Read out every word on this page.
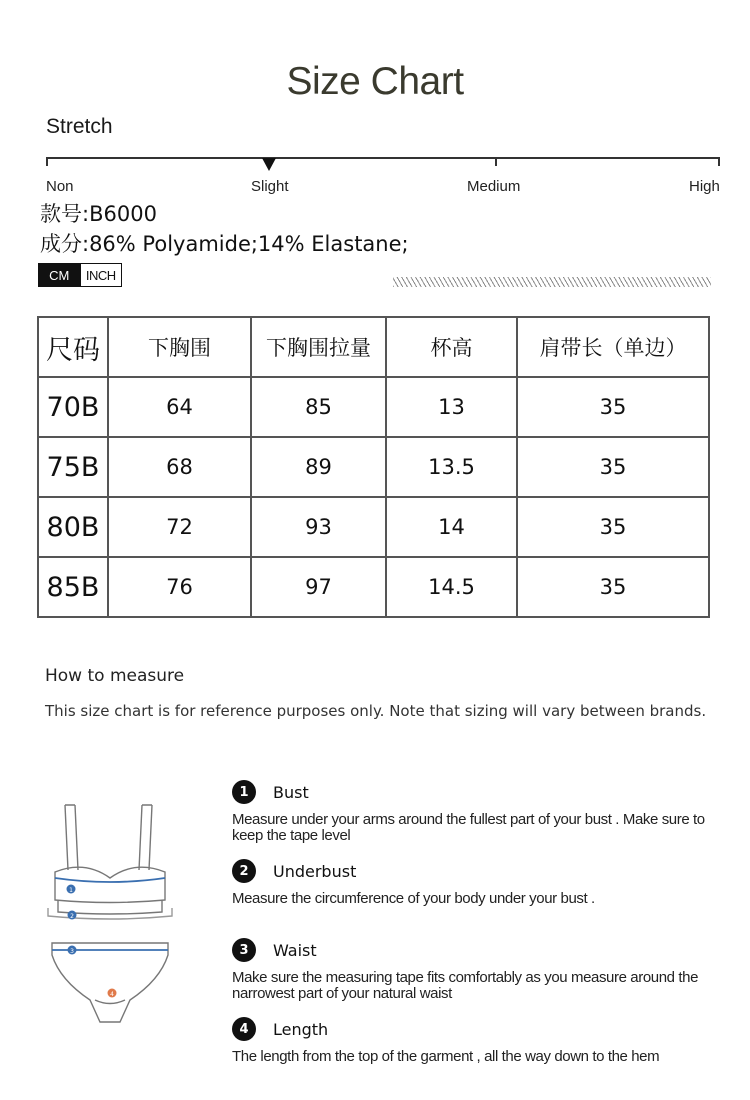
Size Chart
Stretch
Non	Slight	Medium	High
款号:B6000
成分:86% Polyamide;14% Elastane;
CM	INCH
尺码	下胸围	下胸围拉量	杯高	肩带长（单边）
70B	64	85	13	35
75B	68	89	13.5	35
80B	72	93	14	35
85B	76	97	14.5	35
How to measure
This size chart is for reference purposes only. Note that sizing will vary between brands.
1
2
3
4
1	Bust
Measure under your arms around the fullest part of your bust . Make sure to keep the tape level
2	Underbust
Measure the circumference of your body under your bust .
3	Waist
Make sure the measuring tape fits comfortably as you measure around the narrowest part of your natural waist
4	Length
The length from the top of the garment , all the way down to the hem
